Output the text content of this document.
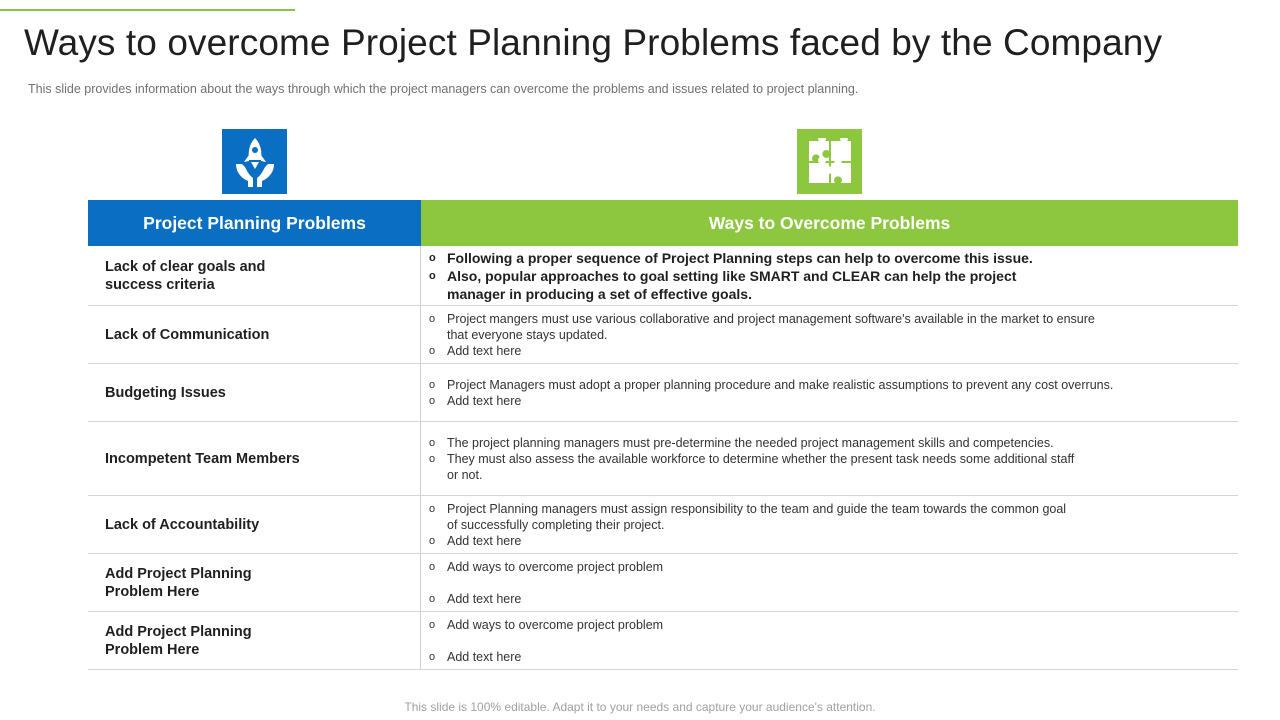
Ways to overcome Project Planning Problems faced by the Company
This slide provides information about the ways through which the project managers can overcome the problems and issues related to project planning.
Project Planning Problems	Ways to Overcome Problems
Lack of clear goals and
success criteria
o Following a proper sequence of Project Planning steps can help to overcome this issue.
o Also, popular approaches to goal setting like SMART and CLEAR can help the project manager in producing a set of effective goals.
Lack of Communication
o Project mangers must use various collaborative and project management software's available in the market to ensure that everyone stays updated.
o Add text here
Budgeting Issues	o Project Managers must adopt a proper planning procedure and make realistic assumptions to prevent any cost overruns.
o Add text here
Incompetent Team Members
o The project planning managers must pre-determine the needed project management skills and competencies.
o They must also assess the available workforce to determine whether the present task needs some additional staff or not.
Lack of Accountability
o Project Planning managers must assign responsibility to the team and guide the team towards the common goal of successfully completing their project.
o Add text here
Add Project Planning
Problem Here
o Add ways to overcome project problem
o Add text here
Add Project Planning
Problem Here
o Add ways to overcome project problem
o Add text here
This slide is 100% editable. Adapt it to your needs and capture your audience's attention.
